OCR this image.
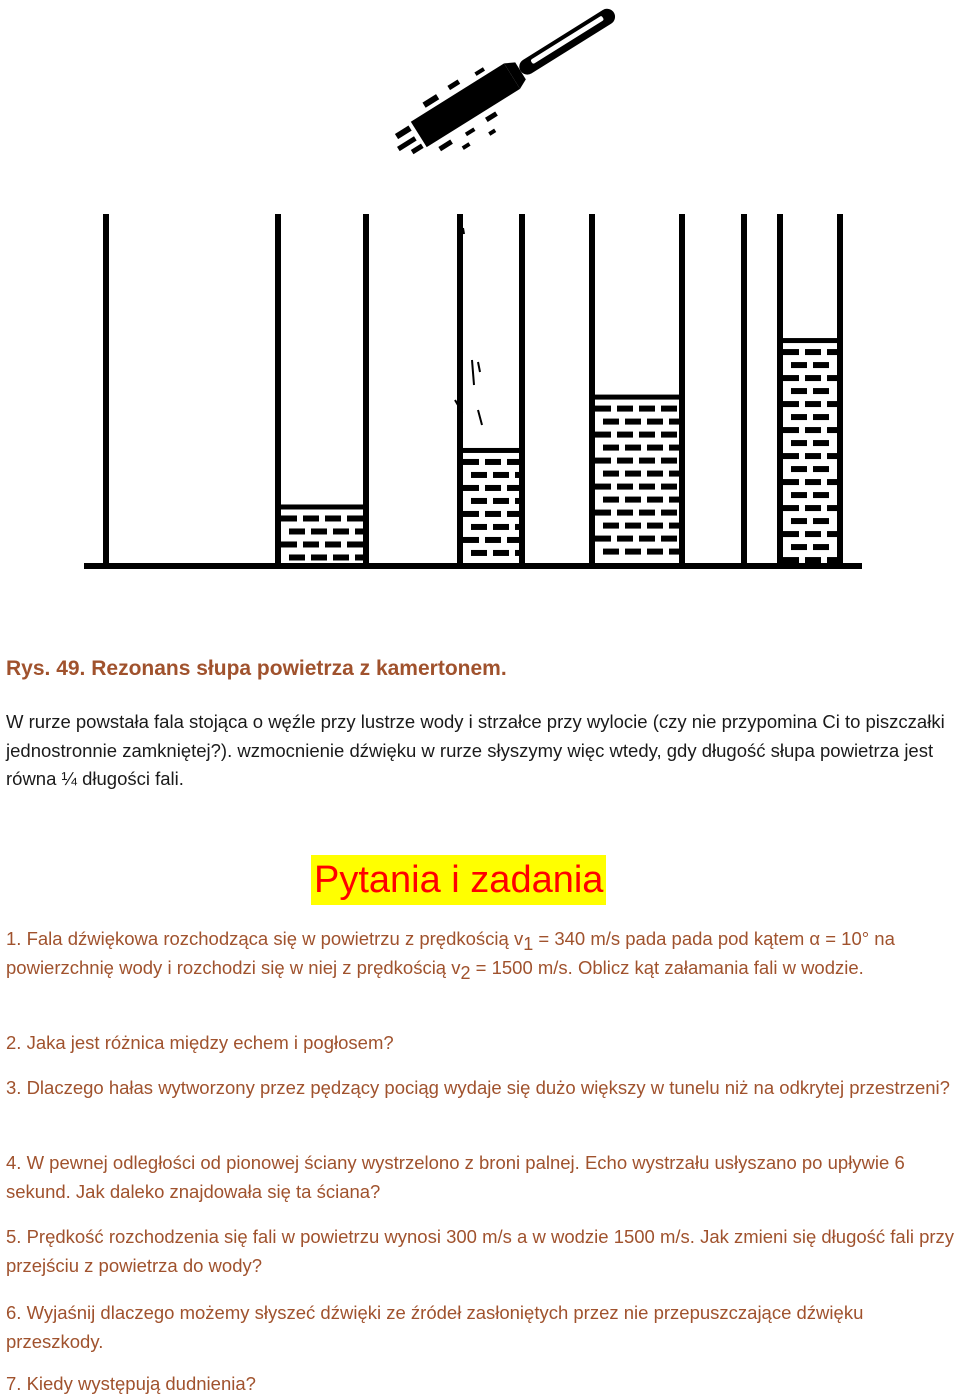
Rys. 49. Rezonans słupa powietrza z kamertonem.
W rurze powstała fala stojąca o węźle przy lustrze wody i strzałce przy wylocie (czy nie przypomina Ci to piszczałki jednostronnie zamkniętej?). wzmocnienie dźwięku w rurze słyszymy więc wtedy, gdy długość słupa powietrza jest równa ¼ długości fali.
Pytania i zadania
1. Fala dźwiękowa rozchodząca się w powietrzu z prędkością $v_1 = 340$ m/s pada pada pod kątem α = 10° na powierzchnię wody i rozchodzi się w niej z prędkością $v_2 = 1500$ m/s. Oblicz kąt załamania fali w wodzie.
2. Jaka jest różnica między echem i pogłosem?
3. Dlaczego hałas wytworzony przez pędzący pociąg wydaje się dużo większy w tunelu niż na odkrytej przestrzeni?
4. W pewnej odległości od pionowej ściany wystrzelono z broni palnej. Echo wystrzału usłyszano po upływie 6 sekund. Jak daleko znajdowała się ta ściana?
5. Prędkość rozchodzenia się fali w powietrzu wynosi 300 m/s a w wodzie 1500 m/s. Jak zmieni się długość fali przy przejściu z powietrza do wody?
6. Wyjaśnij dlaczego możemy słyszeć dźwięki ze źródeł zasłoniętych przez nie przepuszczające dźwięku przeszkody.
7. Kiedy występują dudnienia?
